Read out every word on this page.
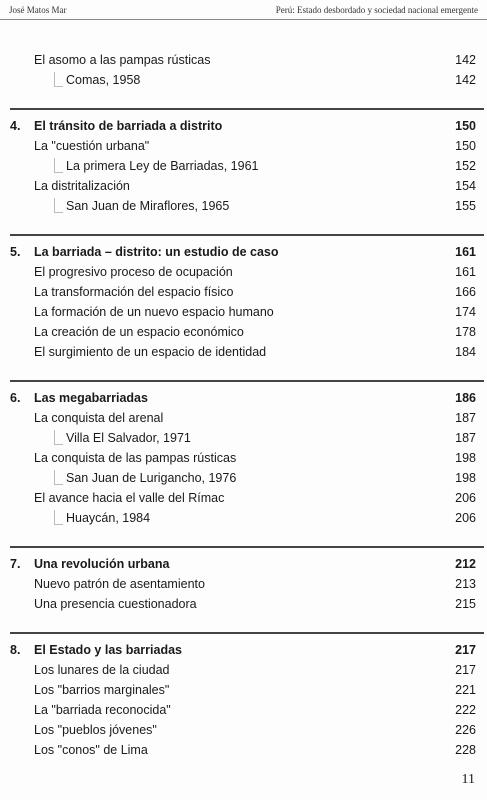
José Matos Mar	Perú: Estado desbordado y sociedad nacional emergente
El asomo a las pampas rústicas	142
Comas, 1958	142
4. El tránsito de barriada a distrito	150
La "cuestión urbana"	150
La primera Ley de Barriadas, 1961	152
La distritalización	154
San Juan de Miraflores, 1965	155
5. La barriada – distrito: un estudio de caso	161
El progresivo proceso de ocupación	161
La transformación del espacio físico	166
La formación de un nuevo espacio humano	174
La creación de un espacio económico	178
El surgimiento de un espacio de identidad	184
6. Las megabarriadas	186
La conquista del arenal	187
Villa El Salvador, 1971	187
La conquista de las pampas rústicas	198
San Juan de Lurigancho, 1976	198
El avance hacia el valle del Rímac	206
Huaycán, 1984	206
7. Una revolución urbana	212
Nuevo patrón de asentamiento	213
Una presencia cuestionadora	215
8. El Estado y las barriadas	217
Los lunares de la ciudad	217
Los "barrios marginales"	221
La "barriada reconocida"	222
Los "pueblos jóvenes"	226
Los "conos" de Lima	228
11
